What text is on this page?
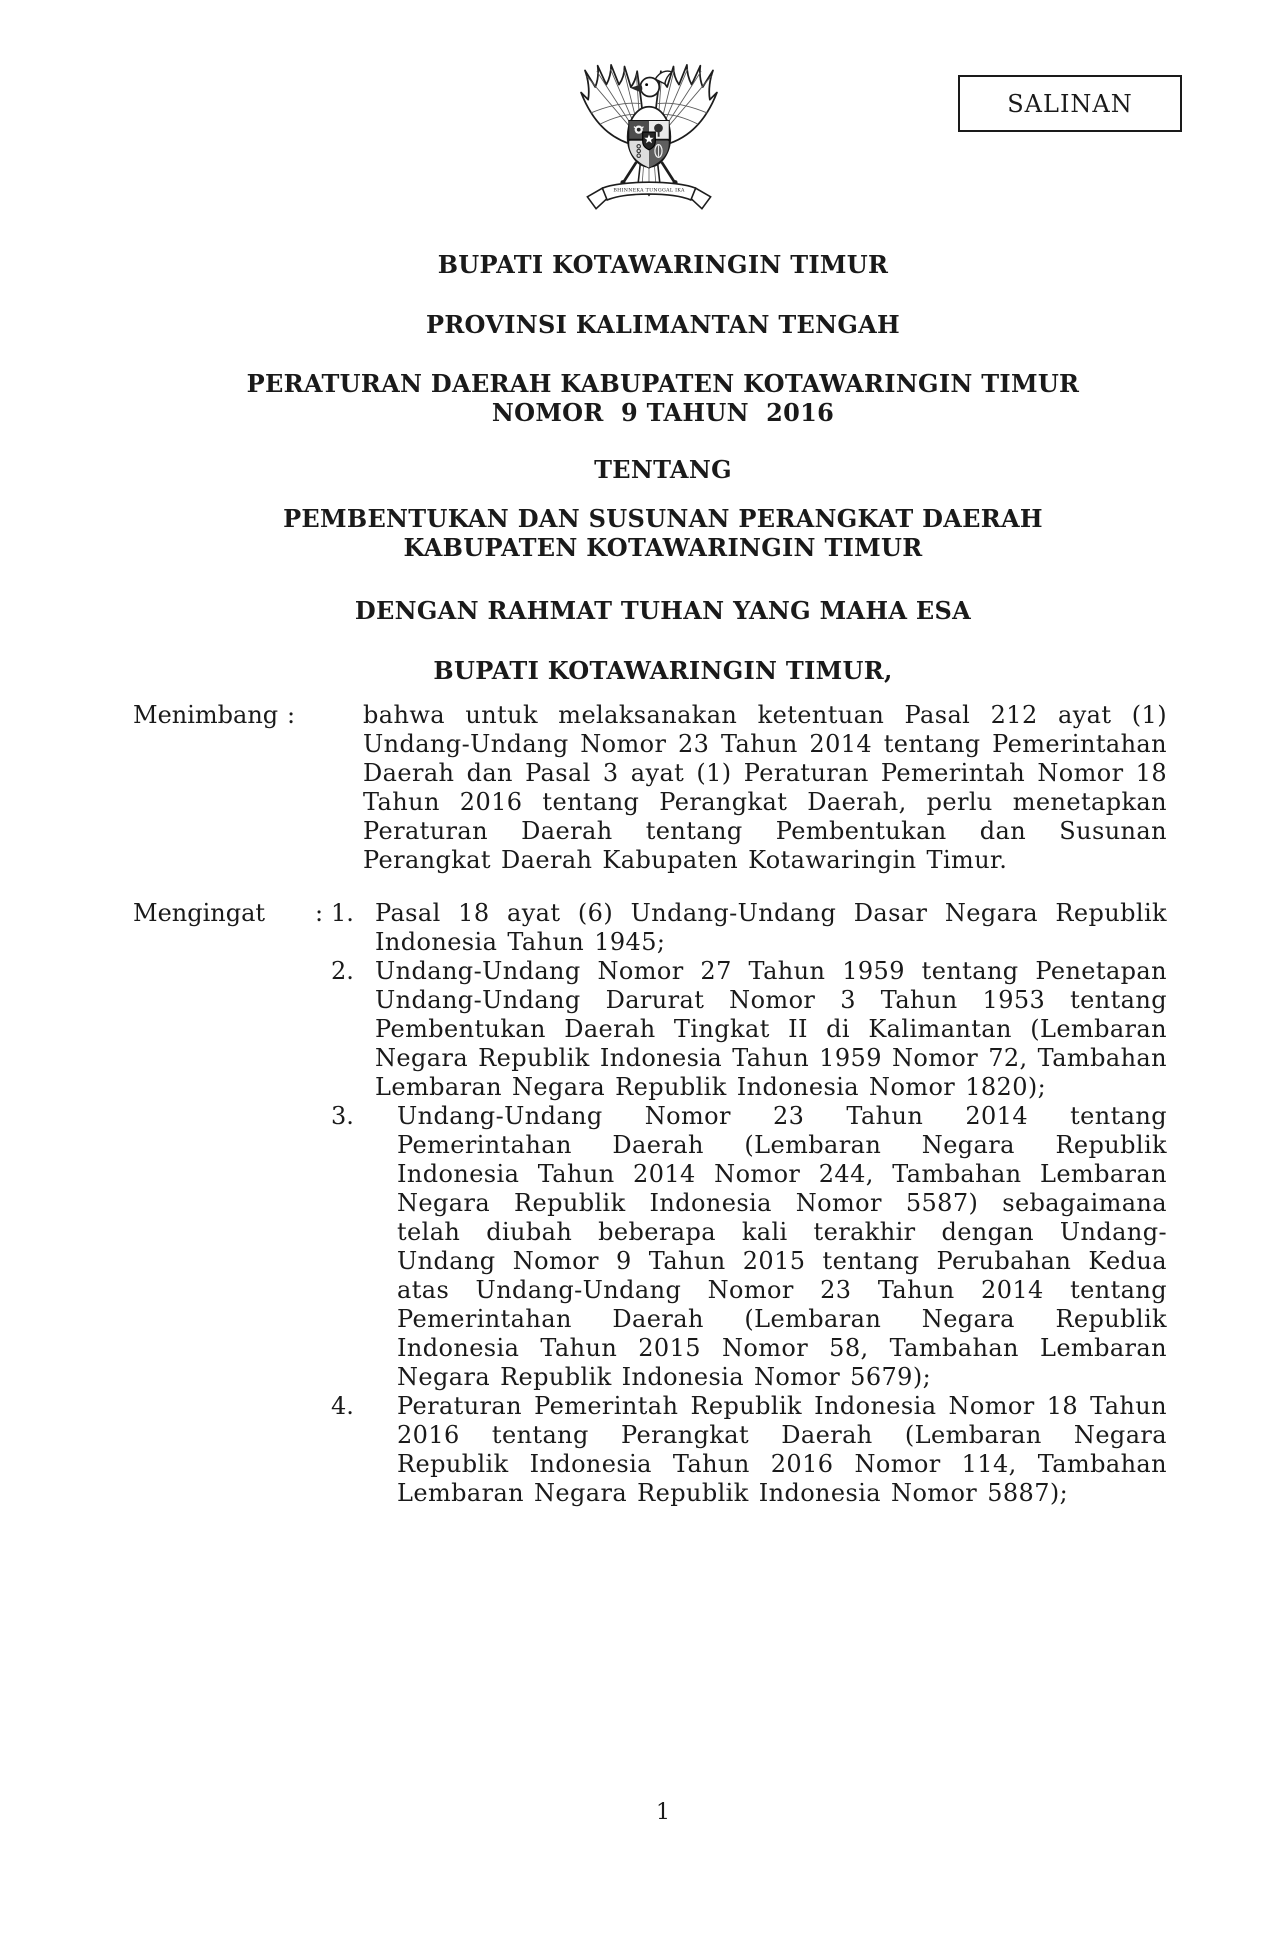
SALINAN
BHINNEKA TUNGGAL IKA
BUPATI KOTAWARINGIN TIMUR
PROVINSI KALIMANTAN TENGAH
PERATURAN DAERAH KABUPATEN KOTAWARINGIN TIMUR
NOMOR  9 TAHUN  2016
TENTANG
PEMBENTUKAN DAN SUSUNAN PERANGKAT DAERAH
KABUPATEN KOTAWARINGIN TIMUR
DENGAN RAHMAT TUHAN YANG MAHA ESA
BUPATI KOTAWARINGIN TIMUR,
Menimbang :	bahwa untuk melaksanakan ketentuan Pasal 212 ayat (1) Undang-Undang Nomor 23 Tahun 2014 tentang Pemerintahan Daerah dan Pasal 3 ayat (1) Peraturan Pemerintah Nomor 18 Tahun 2016 tentang Perangkat Daerah, perlu menetapkan Peraturan Daerah tentang Pembentukan dan Susunan Perangkat Daerah Kabupaten Kotawaringin Timur.
Mengingat : 1. Pasal 18 ayat (6) Undang-Undang Dasar Negara Republik Indonesia Tahun 1945;
2. Undang-Undang Nomor 27 Tahun 1959 tentang Penetapan Undang-Undang Darurat Nomor 3 Tahun 1953 tentang Pembentukan Daerah Tingkat II di Kalimantan (Lembaran Negara Republik Indonesia Tahun 1959 Nomor 72, Tambahan Lembaran Negara Republik Indonesia Nomor 1820);
3.	Undang-Undang Nomor 23 Tahun 2014 tentang Pemerintahan Daerah (Lembaran Negara Republik Indonesia Tahun 2014 Nomor 244, Tambahan Lembaran Negara Republik Indonesia Nomor 5587) sebagaimana telah diubah beberapa kali terakhir dengan Undang-Undang Nomor 9 Tahun 2015 tentang Perubahan Kedua atas Undang-Undang Nomor 23 Tahun 2014 tentang Pemerintahan Daerah (Lembaran Negara Republik Indonesia Tahun 2015 Nomor 58, Tambahan Lembaran Negara Republik Indonesia Nomor 5679);
4.	Peraturan Pemerintah Republik Indonesia Nomor 18 Tahun 2016 tentang Perangkat Daerah (Lembaran Negara Republik Indonesia Tahun 2016 Nomor 114, Tambahan Lembaran Negara Republik Indonesia Nomor 5887);
1
